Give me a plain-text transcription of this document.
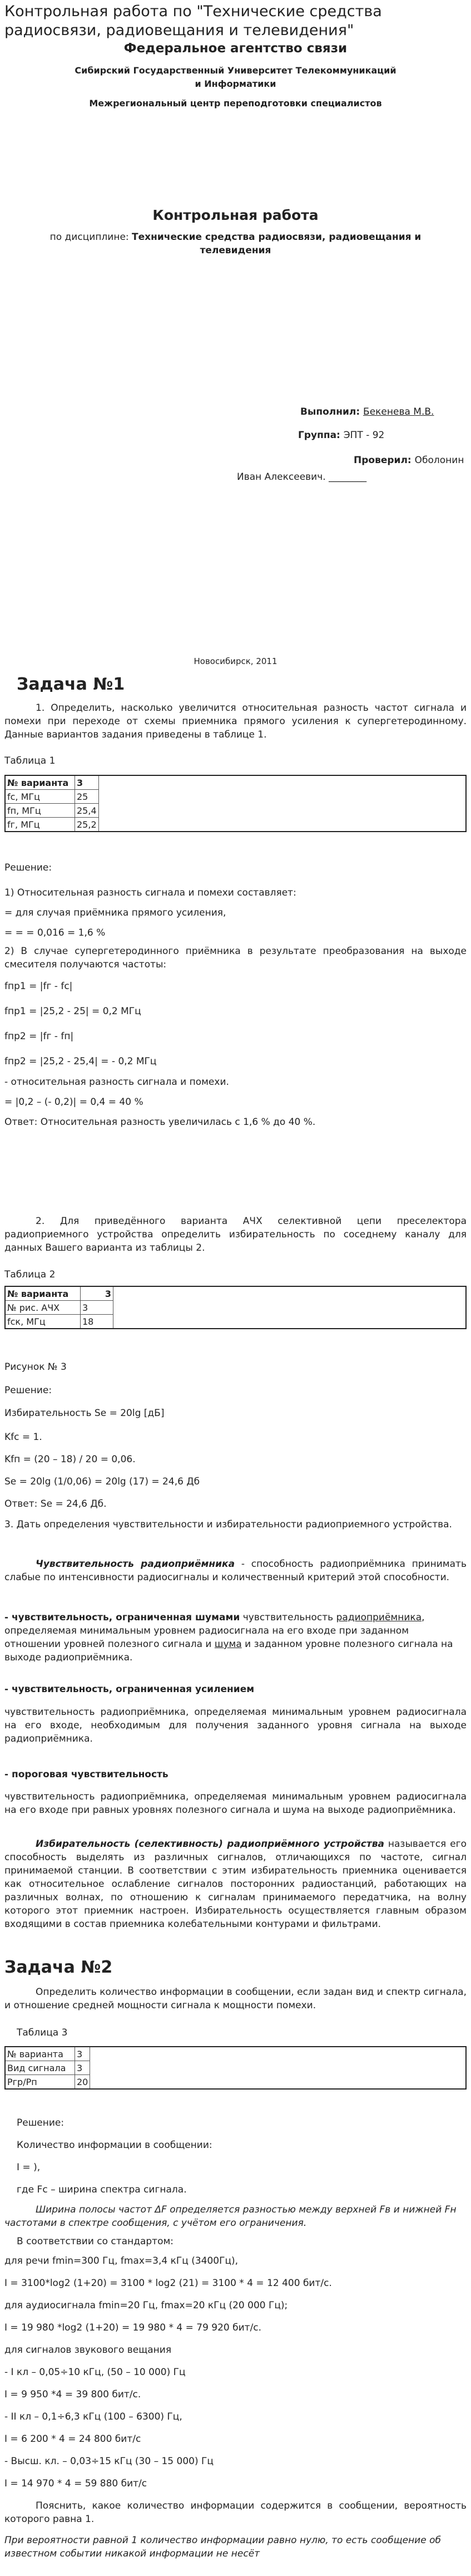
Контрольная работа по "Технические средства радиосвязи, радиовещания и телевидения"
Федеральное агентство связи
Сибирский Государственный Университет Телекоммуникаций
и Информатики
Межрегиональный центр переподготовки специалистов
Контрольная работа
по дисциплине: Технические средства радиосвязи, радиовещания и телевидения
Выполнил: Бекенева М.В.
Группа: ЭПТ - 92
Проверил: Оболонин
Иван Алексеевич. ________
Новосибирск, 2011
Задача №1
1. Определить, насколько увеличится относительная разность частот сигнала и помехи при переходе от схемы приемника прямого усиления к супергетеродинному. Данные вариантов задания приведены в таблице 1.
Таблица 1
№ варианта	3	
fс, МГц	25	
fп, МГц	25,4	
fг, МГц	25,2	
Решение:
1) Относительная разность сигнала и помехи составляет:
= для случая приёмника прямого усиления,
= = = 0,016 = 1,6 %
2) В случае супергетеродинного приёмника в результате преобразования на выходе смесителя получаются частоты:
fпp1 = |fг - fс|
fпp1 = |25,2 - 25| = 0,2 МГц
fпp2 = |fг - fп|
fпp2 = |25,2 - 25,4| = - 0,2 МГц
- относительная разность сигнала и помехи.
= |0,2 – (- 0,2)| = 0,4 = 40 %
Ответ: Относительная разность увеличилась с 1,6 % до 40 %.
2. Для приведённого варианта АЧХ селективной цепи преселектора радиоприемного устройства определить избирательность по соседнему каналу для данных Вашего варианта из таблицы 2.
Таблица 2
№ варианта	3	
№ рис. АЧХ	3	
fск, МГц	18	
Рисунок № 3
Решение:
Избирательность Se = 20lg [дБ]
Kfс = 1.
Kfп = (20 – 18) / 20 = 0,06.
Se = 20lg (1/0,06) = 20lg (17) = 24,6 Дб
Ответ: Se = 24,6 Дб.
3. Дать определения чувствительности и избирательности радиоприемного устройства.
Чувствительность радиоприёмника - способность радиоприёмника принимать слабые по интенсивности радиосигналы и количественный критерий этой способности.
- чувствительность, ограниченная шумами чувствительность радиоприёмника, определяемая минимальным уровнем радиосигнала на его входе при заданном отношении уровней полезного сигнала и шума и заданном уровне полезного сигнала на выходе радиоприёмника.
- чувствительность, ограниченная усилением
чувствительность радиоприёмника, определяемая минимальным уровнем радиосигнала на его входе, необходимым для получения заданного уровня сигнала на выходе радиоприёмника.
- пороговая чувствительность
чувствительность радиоприёмника, определяемая минимальным уровнем радиосигнала на его входе при равных уровнях полезного сигнала и шума на выходе радиоприёмника.
Избирательность (селективность) радиоприёмного устройства называется его способность выделять из различных сигналов, отличающихся по частоте, сигнал принимаемой станции. В соответствии с этим избирательность приемника оценивается как относительное ослабление сигналов посторонних радиостанций, работающих на различных волнах, по отношению к сигналам принимаемого передатчика, на волну которого этот приемник настроен. Избирательность осуществляется главным образом входящими в состав приемника колебательными контурами и фильтрами.
Задача №2
Определить количество информации в сообщении, если задан вид и спектр сигнала, и отношение средней мощности сигнала к мощности помехи.
Таблица 3
№ варианта	3	
Вид сигнала	3	
Pгр/Pп	20	
Решение:
Количество информации в сообщении:
I = ),
где Fс – ширина спектра сигнала.
Ширина полосы частот ΔF определяется разностью между верхней Fв и нижней Fн частотами в спектре сообщения, с учётом его ограничения.
В соответствии со стандартом:
для речи fmin=300 Гц, fmax=3,4 кГц (3400Гц),
I = 3100*log2 (1+20) = 3100 * log2 (21) = 3100 * 4 = 12 400 бит/с.
для аудиосигнала fmin=20 Гц, fmax=20 кГц (20 000 Гц);
I = 19 980 *log2 (1+20) = 19 980 * 4 = 79 920 бит/с.
для сигналов звукового вещания
- I кл – 0,05÷10 кГц, (50 – 10 000) Гц
I = 9 950 *4 = 39 800 бит/с.
- II кл – 0,1÷6,3 кГц (100 – 6300) Гц,
I = 6 200 * 4 = 24 800 бит/с
- Высш. кл. – 0,03÷15 кГц (30 – 15 000) Гц
I = 14 970 * 4 = 59 880 бит/с
Пояснить, какое количество информации содержится в сообщении, вероятность которого равна 1.
При вероятности равной 1 количество информации равно нулю, то есть сообщение об известном событии никакой информации не несёт
